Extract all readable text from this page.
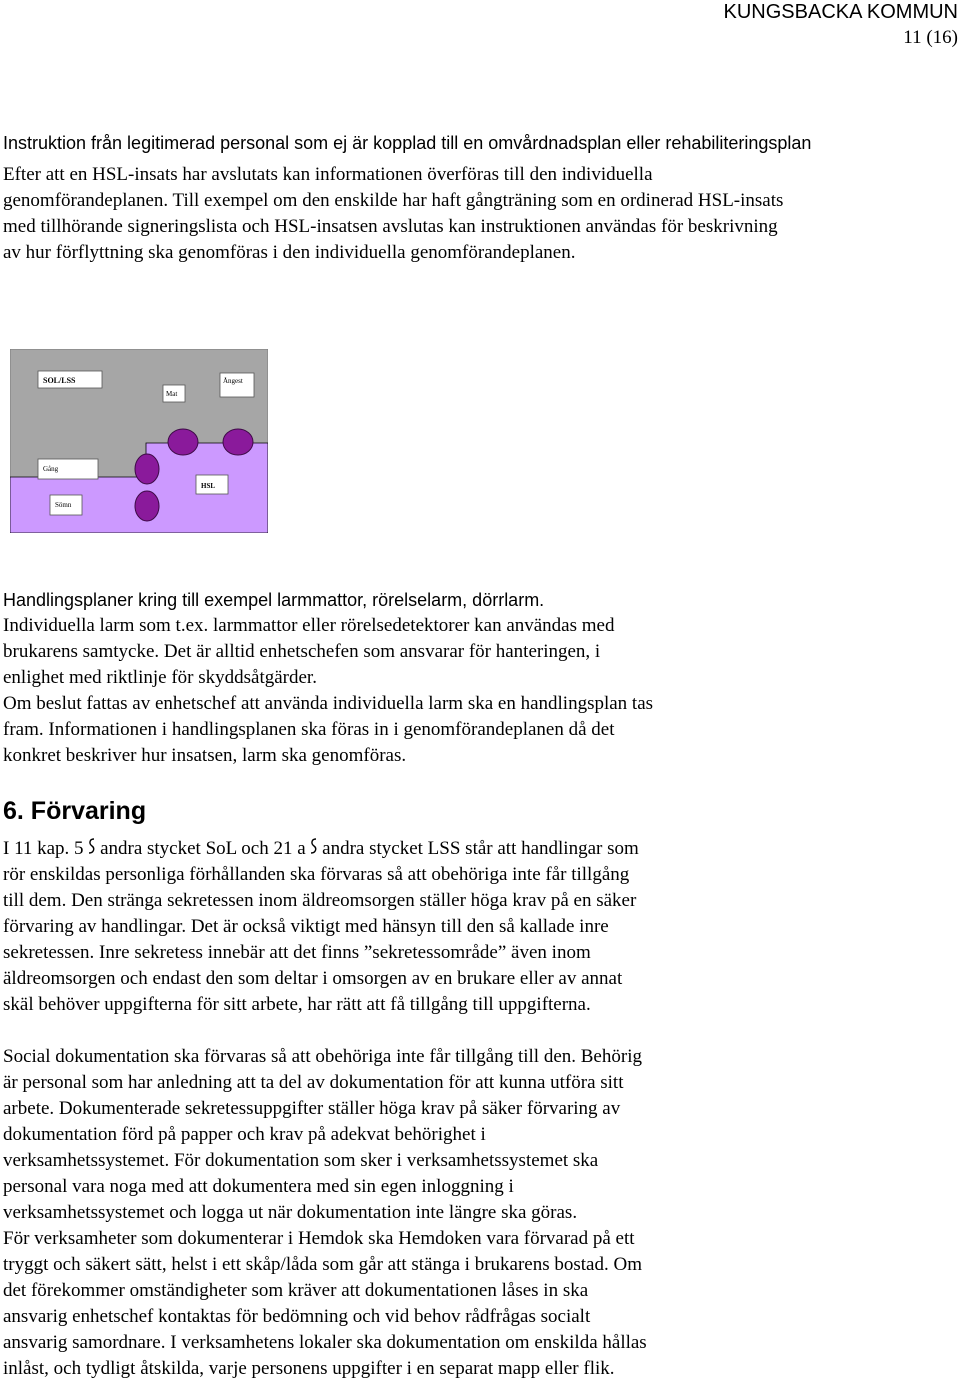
KUNGSBACKA KOMMUN
11 (16)

Instruktion från legitimerad personal som ej är kopplad till en omvårdnadsplan eller rehabiliteringsplan

Efter att en HSL-insats har avslutats kan informationen överföras till den individuella genomförandeplanen. Till exempel om den enskilde har haft gångträning som en ordinerad HSL-insats med tillhörande signeringslista och HSL-insatsen avslutas kan instruktionen användas för beskrivning av hur förflyttning ska genomföras i den individuella genomförandeplanen.

SOL/LSS
Mat
Ångest
Gång
Sömn
HSL

Handlingsplaner kring till exempel larmmattor, rörelselarm, dörrlarm.

Individuella larm som t.ex. larmmattor eller rörelsedetektorer kan användas med

brukarens samtycke. Det är alltid enhetschefen som ansvarar för hanteringen, i

enlighet med riktlinje för skyddsåtgärder.

Om beslut fattas av enhetschef att använda individuella larm ska en handlingsplan tas

fram. Informationen i handlingsplanen ska föras in i genomförandeplanen då det

konkret beskriver hur insatsen, larm ska genomföras.

6. Förvaring

I 11 kap. 5 andra stycket SoL och 21 a andra stycket LSS står att handlingar som

rör enskildas personliga förhållanden ska förvaras så att obehöriga inte får tillgång

till dem. Den stränga sekretessen inom äldreomsorgen ställer höga krav på en säker

förvaring av handlingar. Det är också viktigt med hänsyn till den så kallade inre

sekretessen. Inre sekretess innebär att det finns ”sekretessområde” även inom

äldreomsorgen och endast den som deltar i omsorgen av en brukare eller av annat

skäl behöver uppgifterna för sitt arbete, har rätt att få tillgång till uppgifterna.

Social dokumentation ska förvaras så att obehöriga inte får tillgång till den. Behörig

är personal som har anledning att ta del av dokumentation för att kunna utföra sitt

arbete. Dokumenterade sekretessuppgifter ställer höga krav på säker förvaring av

dokumentation förd på papper och krav på adekvat behörighet i

verksamhetssystemet. För dokumentation som sker i verksamhetssystemet ska

personal vara noga med att dokumentera med sin egen inloggning i

verksamhetssystemet och logga ut när dokumentation inte längre ska göras.

För verksamheter som dokumenterar i Hemdok ska Hemdoken vara förvarad på ett

tryggt och säkert sätt, helst i ett skåp/låda som går att stänga i brukarens bostad. Om

det förekommer omständigheter som kräver att dokumentationen låses in ska

ansvarig enhetschef kontaktas för bedömning och vid behov rådfrågas socialt

ansvarig samordnare. I verksamhetens lokaler ska dokumentation om enskilda hållas

inlåst, och tydligt åtskilda, varje personens uppgifter i en separat mapp eller flik.
